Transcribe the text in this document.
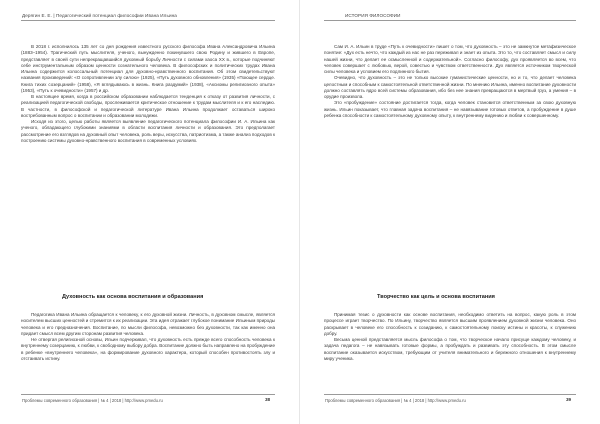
Дерягин Е. Е. | Педагогический потенциал философии Ивана Ильина

В 2018 г. исполнилось 135 лет со дня рождения известного русского философа Ивана Александровича Ильина (1883–1954). Трагический путь мыслителя, ученого, вынужденно покинувшего свою Родину и жившего в Европе, представляет в своей сути непрекращавшийся духовный борьбу Личности с силами хаоса XX в., которые подчиняют себе инструментальным образом ценности сознательного человека. В философских и политических трудах Ивана Ильина содержится колоссальный потенциал для духовно-нравственного воспитания. Об этом свидетельствуют названия произведений: «О сопротивлении злу силою» (1925), «Путь духовного обновления» (1935) «Поющее сердце. Книга тихих созерцаний» (1958), «Я вглядываюсь в жизнь. Книга раздумий» (1938), «Аксиомы религиозного опыта» (1953), «Путь к очевидности» (1957) и др.

В настоящее время, когда в российском образовании наблюдается тенденция к отказу от развития личности, с реализацией педагогической свободы, прослеживается критическое отношение к трудам мыслителя и к его наследию. В частности, в философской и педагогической литературе Ивана Ильина продолжает оставаться широко востребованным вопрос о воспитании и образовании молодежи.

Исходя из этого, целью работы является выявление педагогического потенциала философии И. А. Ильина как ученого, обладающего глубокими знаниями в области воспитания личности и образования. Это предполагает рассмотрение его взглядов на духовный опыт человека, роль веры, искусства, патриотизма, а также анализ подходов к построению системы духовно-нравственного воспитания в современных условиях.

Духовность как основа воспитания и образования

Педагогика Ивана Ильина обращается к человеку, к его духовной жизни. Личность, в духовном смысле, является носителем высших ценностей и стремится к их реализации. Эта идея отражает глубокое понимание Ильиным природы человека и его предназначения. Воспитание, по мысли философа, невозможно без духовности, так как именно она придает смысл всем другим сторонам развития человека.

Не отвергая религиозной основы, Ильин подчеркивал, что духовность есть прежде всего способность человека к внутреннему созерцанию, к любви, к свободному выбору добра. Воспитание должно быть направлено на пробуждение в ребенке «внутреннего человека», на формирование духовного характера, который способен противостоять злу и отстаивать истину.

Проблемы современного образования | № 4 | 2018 | http://www.pmedu.ru	38
ИСТОРИЯ ФИЛОСОФИИ

Сам И. А. Ильин в труде «Путь к очевидности» пишет о том, что духовность – это не замкнутое метафизическое понятие: «Дух есть нечто, что каждый из нас не раз переживал и знает из опыта. Это то, что составляет смысл и силу нашей жизни, что делает ее осмысленной и содержательной». Согласно философу, дух проявляется во всем, что человек совершает с любовью, верой, совестью и чувством ответственности. Дух является источником творческой силы человека и условием его подлинного бытия.

Очевидно, что духовность – это не только высокие гуманистические ценности, но и то, что делает человека целостным и способным к самостоятельной ответственной жизни. По мнению Ильина, именно воспитание духовности должно составлять ядро всей системы образования, ибо без нее знания превращаются в мертвый груз, а умения – в орудие произвола.

Это «пробуждение» состояние достигается тогда, когда человек становится ответственным за свою духовную жизнь. Ильин показывает, что главная задача воспитания – не навязывание готовых ответов, а пробуждение в душе ребенка способности к самостоятельному духовному опыту, к внутреннему видению и любви к совершенному.

Творчество как цель и основа воспитания

Принимая тезис о духовности как основе воспитания, необходимо ответить на вопрос, какую роль в этом процессе играет творчество. По Ильину, творчество является высшим проявлением духовной жизни человека. Оно раскрывает в человеке его способность к созиданию, к самостоятельному поиску истины и красоты, к служению добру.

Весьма ценной представляется мысль философа о том, что творческое начало присуще каждому человеку, и задача педагога – не навязывать готовые формы, а пробуждать и развивать эту способность. В этом смысле воспитание оказывается искусством, требующим от учителя внимательного и бережного отношения к внутреннему миру ученика.

Проблемы современного образования | № 4 | 2018 | http://www.pmedu.ru	39
